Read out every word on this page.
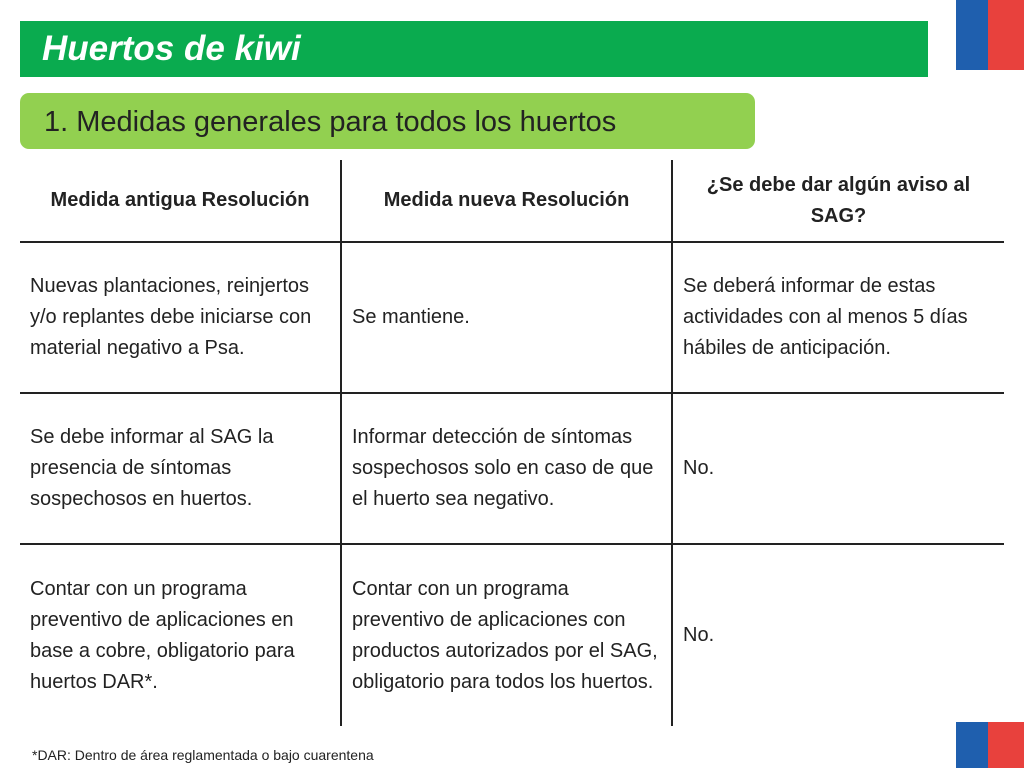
Huertos de kiwi
1. Medidas generales para todos los huertos
Medida antigua Resolución	Medida nueva Resolución
¿Se debe dar algún aviso al SAG?
Nuevas plantaciones, reinjertos y/o replantes debe iniciarse con material negativo a Psa.
Se mantiene.
Se deberá informar de estas actividades con al menos 5 días hábiles de anticipación.
Se debe informar al SAG la presencia de síntomas sospechosos en huertos.
Informar detección de síntomas sospechosos solo en caso de que el huerto sea negativo.
No.
Contar con un programa preventivo de aplicaciones en base a cobre, obligatorio para huertos DAR*.
Contar con un programa preventivo de aplicaciones con productos autorizados por el SAG, obligatorio para todos los huertos.
No.
*DAR: Dentro de área reglamentada o bajo cuarentena
